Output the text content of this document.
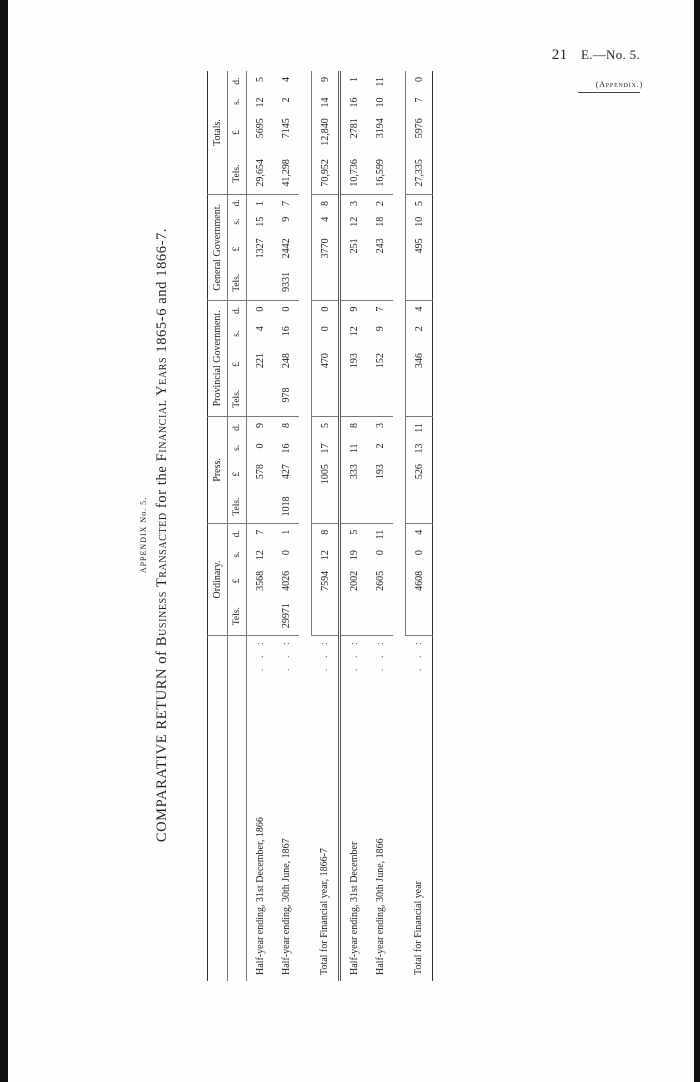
21 E.—No. 5.
(Appendix.)
APPENDIX No. 5.
COMPARATIVE RETURN of Business Transacted for the Financial Years 1865-6 and 1866-7.
		Ordinary.				Press.				Provincial Government.				General Government.				Totals.			
		Tels.	£	s.	d.	Tels.	£	s.	d.	Tels.	£	s.	d.	Tels.	£	s.	d.	Tels.	£	s.	d.
Half-year ending, 31st December, 1866	. . :		3568	12	7		578	0	9		221	4	0		1327	15	1	29,654	5695	12	5
Half-year ending, 30th June, 1867	. . :	29971	4026	0	1	1018	427	16	8	978	248	16	0	9331	2442	9	7	41,298	7145	2	4

Total for Financial year, 1866-7	. . :		7594	12	8		1005	17	5		470	0	0		3770	4	8	70,952	12,840	14	9
Half-year ending, 31st December	. . :		2002	19	5		333	11	8		193	12	9		251	12	3	10,736	2781	16	1
Half-year ending, 30th June, 1866	. . :		2605	0	11		193	2	3		152	9	7		243	18	2	16,599	3194	10	11

Total for Financial year	. . :		4608	0	4		526	13	11		346	2	4		495	10	5	27,335	5976	7	0
